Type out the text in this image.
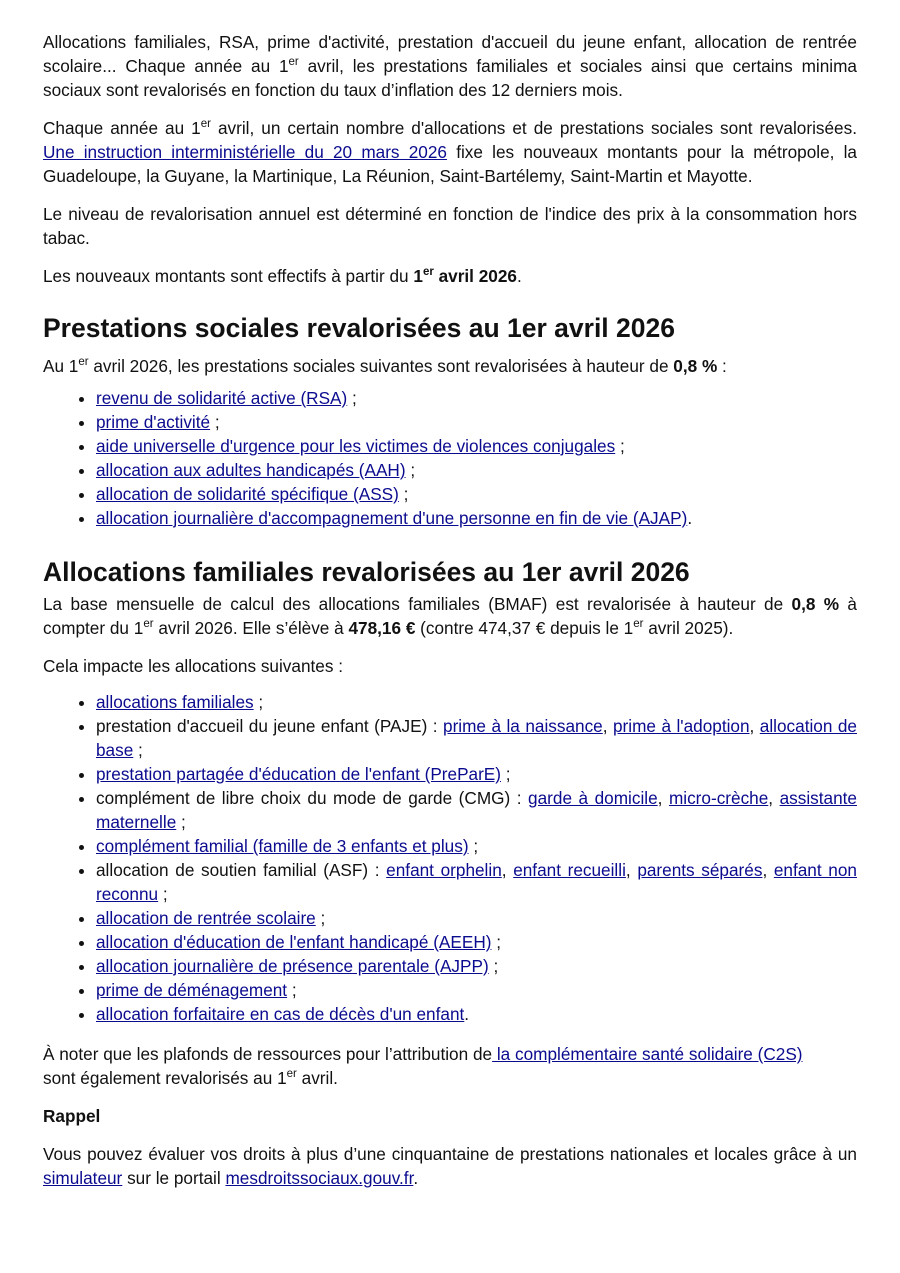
Allocations familiales, RSA, prime d'activité, prestation d'accueil du jeune enfant, allocation de rentrée scolaire... Chaque année au 1er avril, les prestations familiales et sociales ainsi que certains minima sociaux sont revalorisés en fonction du taux d’inflation des 12 derniers mois.

Chaque année au 1er avril, un certain nombre d'allocations et de prestations sociales sont revalorisées. Une instruction interministérielle du 20 mars 2026 fixe les nouveaux montants pour la métropole, la Guadeloupe, la Guyane, la Martinique, La Réunion, Saint-Bartélemy, Saint-Martin et Mayotte.

Le niveau de revalorisation annuel est déterminé en fonction de l'indice des prix à la consommation hors tabac.

Les nouveaux montants sont effectifs à partir du 1er avril 2026.

Prestations sociales revalorisées au 1er avril 2026

Au 1er avril 2026, les prestations sociales suivantes sont revalorisées à hauteur de 0,8 % :

• revenu de solidarité active (RSA) ;
• prime d'activité ;
• aide universelle d'urgence pour les victimes de violences conjugales ;
• allocation aux adultes handicapés (AAH) ;
• allocation de solidarité spécifique (ASS) ;
• allocation journalière d'accompagnement d'une personne en fin de vie (AJAP).
Allocations familiales revalorisées au 1er avril 2026

La base mensuelle de calcul des allocations familiales (BMAF) est revalorisée à hauteur de 0,8 % à compter du 1er avril 2026. Elle s’élève à 478,16 € (contre 474,37 € depuis le 1er avril 2025).

Cela impacte les allocations suivantes :

• allocations familiales ;
• prestation d'accueil du jeune enfant (PAJE) : prime à la naissance, prime à l'adoption, allocation de base ;
• prestation partagée d'éducation de l'enfant (PreParE) ;
• complément de libre choix du mode de garde (CMG) : garde à domicile, micro-crèche, assistante maternelle ;
• complément familial (famille de 3 enfants et plus) ;
• allocation de soutien familial (ASF) : enfant orphelin, enfant recueilli, parents séparés, enfant non reconnu ;
• allocation de rentrée scolaire ;
• allocation d'éducation de l'enfant handicapé (AEEH) ;
• allocation journalière de présence parentale (AJPP) ;
• prime de déménagement ;
• allocation forfaitaire en cas de décès d'un enfant.

À noter que les plafonds de ressources pour l’attribution de la complémentaire santé solidaire (C2S)
sont également revalorisés au 1er avril.

Rappel

Vous pouvez évaluer vos droits à plus d’une cinquantaine de prestations nationales et locales grâce à un simulateur sur le portail mesdroitssociaux.gouv.fr.
